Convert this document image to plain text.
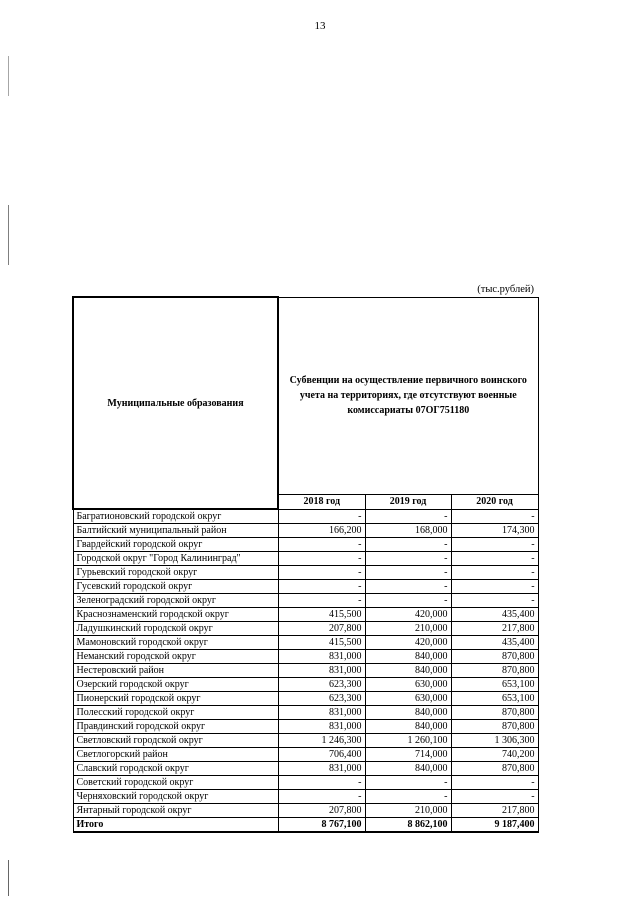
13
(тыс.рублей)
Муниципальные образования	Субвенции на осуществление первичного воинского учета на территориях, где отсутствуют военные комиссариаты 07ОГ751180		
	2018 год	2019 год	2020 год
Багратионовский городской округ	-	-	-
Балтийский муниципальный район	166,200	168,000	174,300
Гвардейский городской округ	-	-	-
Городской округ "Город Калининград"	-	-	-
Гурьевский городской округ	-	-	-
Гусевский городской округ	-	-	-
Зеленоградский городской округ	-	-	-
Краснознаменский городской округ	415,500	420,000	435,400
Ладушкинский городской округ	207,800	210,000	217,800
Мамоновский городской округ	415,500	420,000	435,400
Неманский городской округ	831,000	840,000	870,800
Нестеровский район	831,000	840,000	870,800
Озерский городской округ	623,300	630,000	653,100
Пионерский городской округ	623,300	630,000	653,100
Полесский городской округ	831,000	840,000	870,800
Правдинский городской округ	831,000	840,000	870,800
Светловский городской округ	1 246,300	1 260,100	1 306,300
Светлогорский район	706,400	714,000	740,200
Славский городской округ	831,000	840,000	870,800
Советский городской округ	-	-	-
Черняховский городской округ	-	-	-
Янтарный городской округ	207,800	210,000	217,800
Итого	8 767,100	8 862,100	9 187,400
